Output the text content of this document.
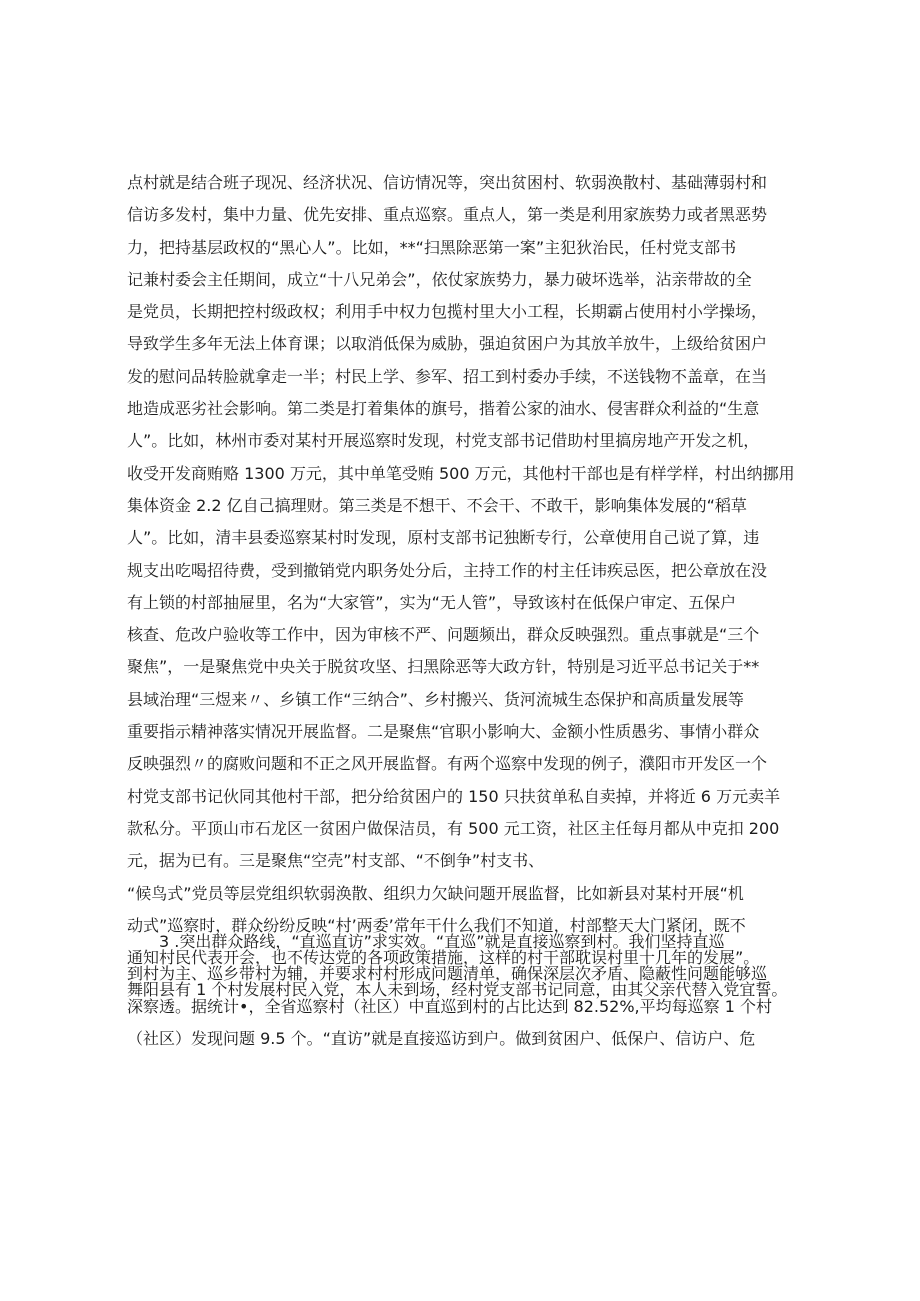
点村就是结合班子现况、经济状况、信访情况等，突出贫困村、软弱涣散村、基础薄弱村和
信访多发村，集中力量、优先安排、重点巡察。重点人，第一类是利用家族势力或者黑恶势
力，把持基层政权的“黑心人”。比如，**“扫黑除恶第一案”主犯狄治民，任村党支部书
记兼村委会主任期间，成立“十八兄弟会”，依仗家族势力，暴力破坏选举，沾亲带故的全
是党员，长期把控村级政权；利用手中权力包揽村里大小工程，长期霸占使用村小学操场，
导致学生多年无法上体育课；以取消低保为威胁，强迫贫困户为其放羊放牛，上级给贫困户
发的慰问品转脸就拿走一半；村民上学、参军、招工到村委办手续，不送钱物不盖章，在当
地造成恶劣社会影响。第二类是打着集体的旗号，揩着公家的油水、侵害群众利益的“生意
人”。比如，林州市委对某村开展巡察时发现，村党支部书记借助村里搞房地产开发之机，
收受开发商贿赂 1300 万元，其中单笔受贿 500 万元，其他村干部也是有样学样，村出纳挪用
集体资金 2.2 亿自己搞理财。第三类是不想干、不会干、不敢干，影响集体发展的“稻草
人”。比如，清丰县委巡察某村时发现，原村支部书记独断专行，公章使用自己说了算，违
规支出吃喝招待费，受到撤销党内职务处分后，主持工作的村主任讳疾忌医，把公章放在没
有上锁的村部抽屉里，名为“大家管”，实为“无人管”，导致该村在低保户审定、五保户
核查、危改户验收等工作中，因为审核不严、问题频出，群众反映强烈。重点事就是“三个
聚焦”，一是聚焦党中央关于脱贫攻坚、扫黑除恶等大政方针，特别是习近平总书记关于**
县域治理“三煜来〃、乡镇工作“三纳合”、乡村搬兴、货河流城生态保护和高质量发展等
重要指示精神落实情况开展监督。二是聚焦“官职小影响大、金额小性质愚劣、事情小群众
反映强烈〃的腐败问题和不正之风开展监督。有两个巡察中发现的例子，濮阳市开发区一个
村党支部书记伙同其他村干部，把分给贫困户的 150 只扶贫单私自卖掉，并将近 6 万元卖羊
款私分。平顶山市石龙区一贫困户做保洁员，有 500 元工资，社区主任每月都从中克扣 200
元，据为已有。三是聚焦“空壳”村支部、“不倒争”村支书、
“候鸟式”党员等层党组织软弱涣散、组织力欠缺问题开展监督，比如新县对某村开展“机
动式”巡察时，群众纷纷反映“村’两委’常年干什么我们不知道，村部整天大门紧闭，既不
通知村民代表开会，也不传达党的各项政策措施，这样的村干部耽误村里十几年的发展”。
舞阳县有 1 个村发展村民入党，本人未到场，经村党支部书记同意，由其父亲代替入党宜誓。
3 .突出群众路线，“直巡直访”求实效。“直巡”就是直接巡察到村。我们坚持直巡
到村为主、巡乡带村为辅，并要求村村形成问题清单，确保深层次矛盾、隐蔽性问题能够巡
深察透。据统计•，全省巡察村（社区）中直巡到村的占比达到 82.52%,平均每巡察 1 个村
（社区）发现问题 9.5 个。“直访”就是直接巡访到户。做到贫困户、低保户、信访户、危
